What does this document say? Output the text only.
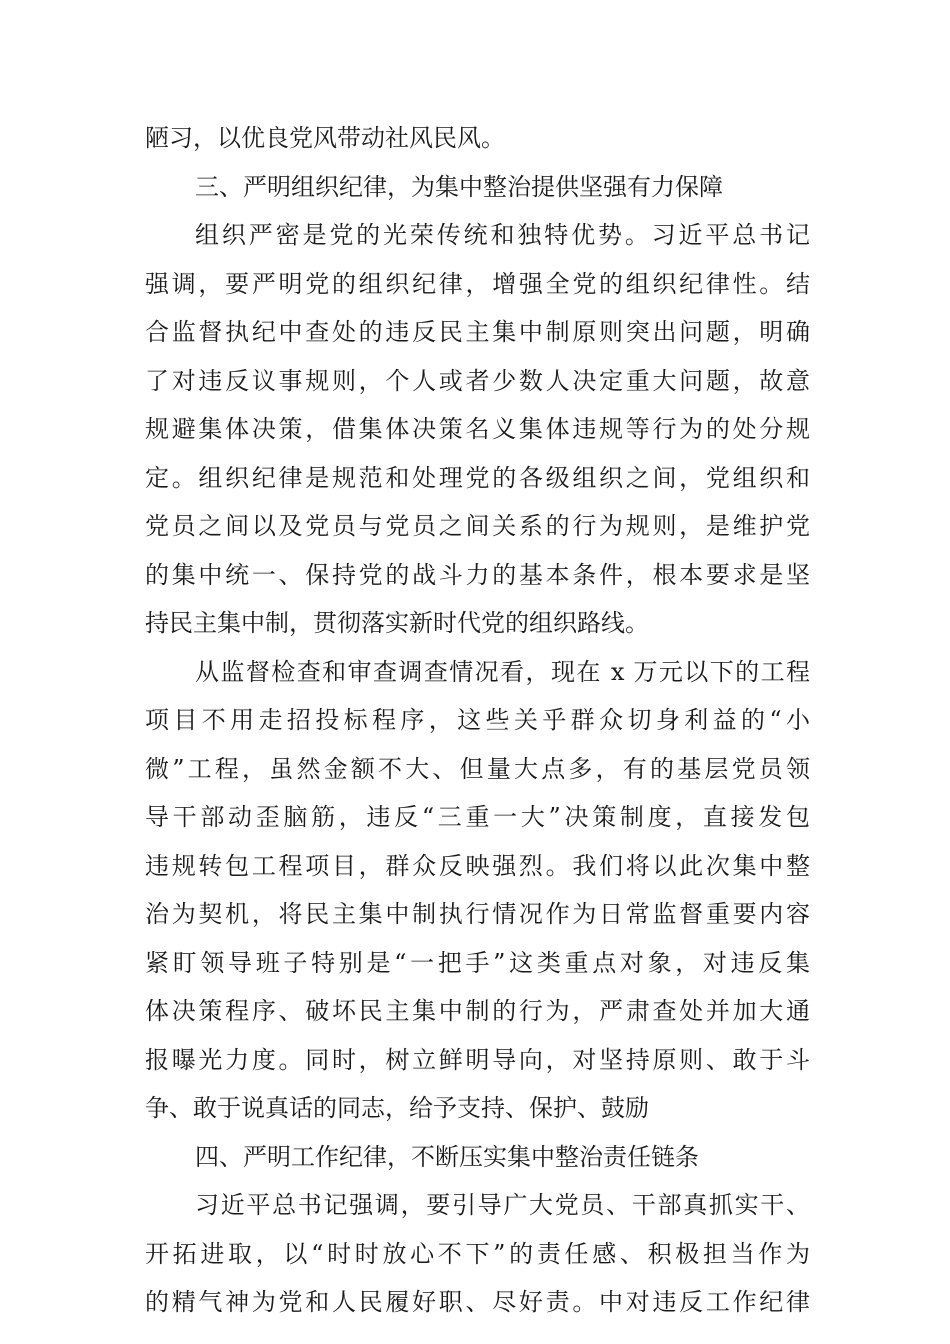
陋习，以优良党风带动社风民风。
三、严明组织纪律，为集中整治提供坚强有力保障
组织严密是党的光荣传统和独特优势。习近平总书记
强调，要严明党的组织纪律，增强全党的组织纪律性。结
合监督执纪中查处的违反民主集中制原则突出问题，明确
了对违反议事规则，个人或者少数人决定重大问题，故意
规避集体决策，借集体决策名义集体违规等行为的处分规
定。组织纪律是规范和处理党的各级组织之间，党组织和
党员之间以及党员与党员之间关系的行为规则，是维护党
的集中统一、保持党的战斗力的基本条件，根本要求是坚
持民主集中制，贯彻落实新时代党的组织路线。
从监督检查和审查调查情况看，现在 x 万元以下的工程
项目不用走招投标程序，这些关乎群众切身利益的“小
微”工程，虽然金额不大、但量大点多，有的基层党员领
导干部动歪脑筋，违反“三重一大”决策制度，直接发包
违规转包工程项目，群众反映强烈。我们将以此次集中整
治为契机，将民主集中制执行情况作为日常监督重要内容
紧盯领导班子特别是“一把手”这类重点对象，对违反集
体决策程序、破坏民主集中制的行为，严肃查处并加大通
报曝光力度。同时，树立鲜明导向，对坚持原则、敢于斗
争、敢于说真话的同志，给予支持、保护、鼓励
四、严明工作纪律，不断压实集中整治责任链条
习近平总书记强调，要引导广大党员、干部真抓实干、
开拓进取，以“时时放心不下”的责任感、积极担当作为
的精气神为党和人民履好职、尽好责。中对违反工作纪律
